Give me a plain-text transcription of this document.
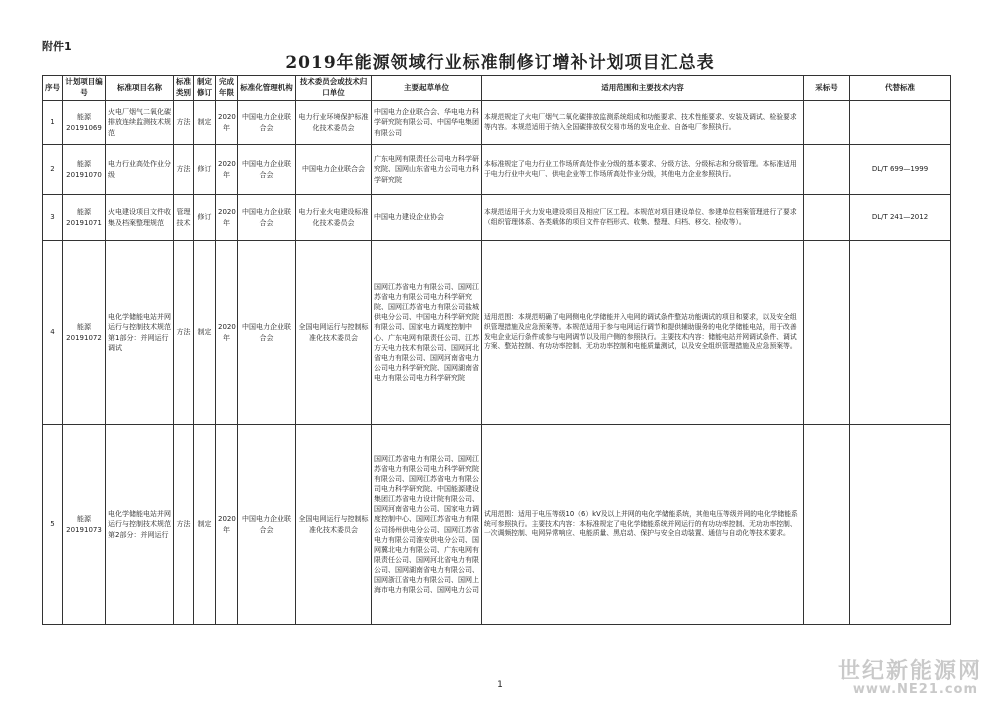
附件1
2019年能源领域行业标准制修订增补计划项目汇总表
序号	计划项目编号	标准项目名称	标准类别	制定修订	完成年限	标准化管理机构	技术委员会或技术归口单位	主要起草单位	适用范围和主要技术内容	采标号	代替标准
1	能源20191069	火电厂烟气二氧化碳排放连续监测技术规范	方法	制定	2020年	中国电力企业联合会	电力行业环境保护标准化技术委员会	中国电力企业联合会、华电电力科学研究院有限公司、中国华电集团有限公司	本规范规定了火电厂烟气二氧化碳排放监测系统组成和功能要求、技术性能要求、安装及调试、检验要求等内容。本规范适用于纳入全国碳排放权交易市场的发电企业、自备电厂参照执行。		
2	能源20191070	电力行业高处作业分级	方法	修订	2020年	中国电力企业联合会	中国电力企业联合会	广东电网有限责任公司电力科学研究院、国网山东省电力公司电力科学研究院	本标准规定了电力行业工作场所高处作业分级的基本要求、分级方法、分级标志和分级管理。本标准适用于电力行业中火电厂、供电企业等工作场所高处作业分级，其他电力企业参照执行。		DL/T 699—1999
3	能源20191071	火电建设项目文件收集及档案整理规范	管理技术	修订	2020年	中国电力企业联合会	电力行业火电建设标准化技术委员会	中国电力建设企业协会	本规范适用于火力发电建设项目及相应厂区工程。本规范对项目建设单位、参建单位档案管理进行了要求（组织管理体系、各类载体的项目文件存档形式、收集、整理、归档、移交、检收等）。		DL/T 241—2012
4	能源20191072	电化学储能电站并网运行与控制技术规范 第1部分：并网运行调试	方法	制定	2020年	中国电力企业联合会	全国电网运行与控制标准化技术委员会	国网江苏省电力有限公司、国网江苏省电力有限公司电力科学研究院、国网江苏省电力有限公司盐城供电分公司、中国电力科学研究院有限公司、国家电力调度控制中心、广东电网有限责任公司、江苏方天电力技术有限公司、国网河北省电力有限公司、国网河南省电力公司电力科学研究院、国网湖南省电力有限公司电力科学研究院	适用范围：本规范明确了电网侧电化学储能并入电网的调试条件整站功能调试的项目和要求，以及安全组织管理措施及应急预案等。本规范适用于参与电网运行调节和提供辅助服务的电化学储能电站，用于改善发电企业运行条件或参与电网调节以及用户侧的参照执行。主要技术内容：储能电站并网调试条件、调试方案、整站控制、有功功率控制、无功功率控制和电能质量测试，以及安全组织管理措施及应急预案等。		
5	能源20191073	电化学储能电站并网运行与控制技术规范 第2部分：并网运行	方法	制定	2020年	中国电力企业联合会	全国电网运行与控制标准化技术委员会	国网江苏省电力有限公司、国网江苏省电力有限公司电力科学研究院有限公司、国网江苏省电力有限公司电力科学研究院、中国能源建设集团江苏省电力设计院有限公司、国网河南省电力公司、国家电力调度控制中心、国网江苏省电力有限公司扬州供电分公司、国网江苏省电力有限公司淮安供电分公司、国网冀北电力有限公司、广东电网有限责任公司、国网河北省电力有限公司、国网湖南省电力有限公司、国网浙江省电力有限公司、国网上海市电力有限公司、国网电力公司	试用范围：适用于电压等级10（6）kV及以上并网的电化学储能系统，其他电压等级并网的电化学储能系统可参照执行。主要技术内容：本标准规定了电化学储能系统并网运行的有功功率控制、无功功率控制、一次调频控制、电网异常响应、电能质量、黑启动、保护与安全自动装置、通信与自动化等技术要求。		
1
世纪新能源网
www.NE21.com
